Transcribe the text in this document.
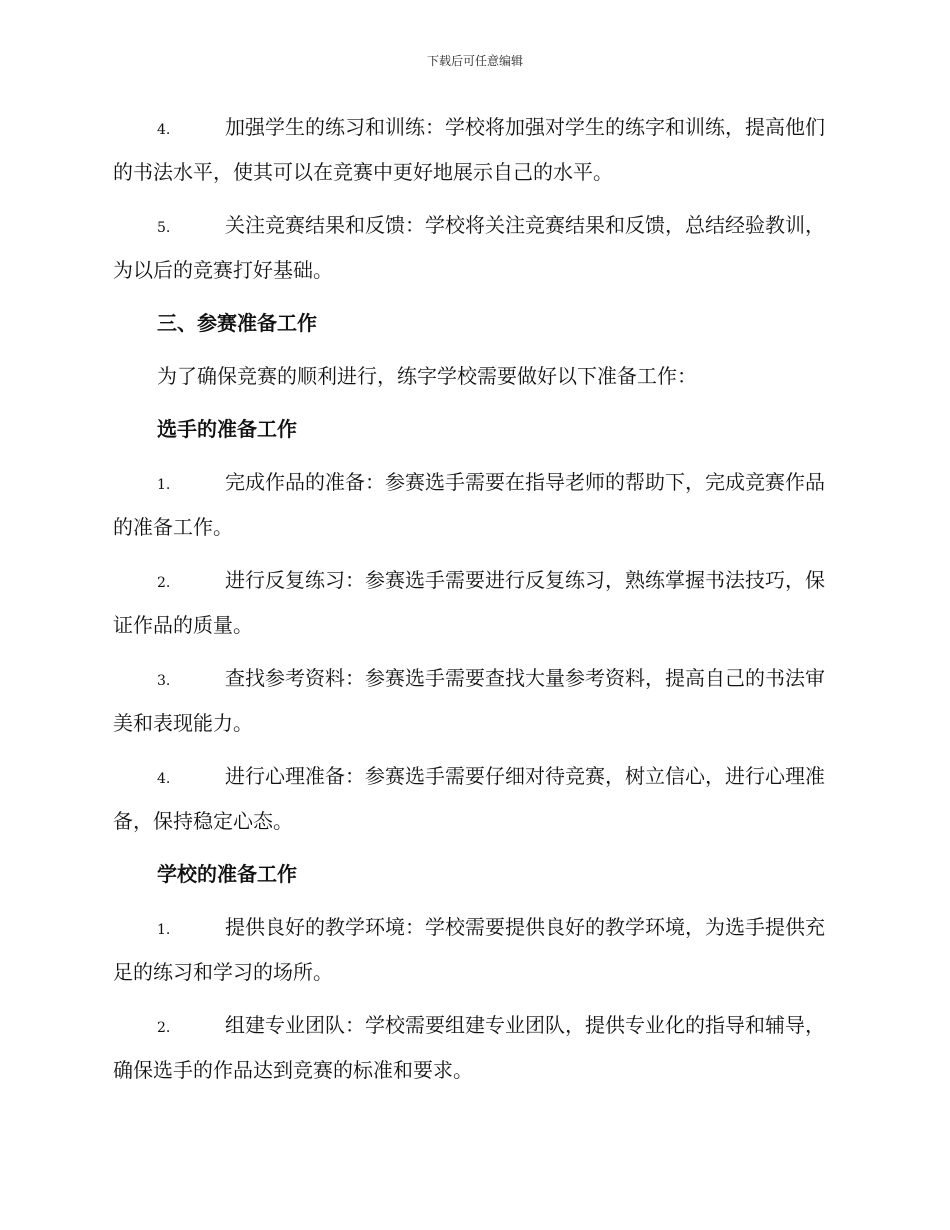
下载后可任意编辑

4.	加强学生的练习和训练：学校将加强对学生的练字和训练，提高他们的书法水平，使其可以在竞赛中更好地展示自己的水平。

5.	关注竞赛结果和反馈：学校将关注竞赛结果和反馈，总结经验教训，为以后的竞赛打好基础。

三、参赛准备工作

为了确保竞赛的顺利进行，练字学校需要做好以下准备工作：

选手的准备工作

1.	完成作品的准备：参赛选手需要在指导老师的帮助下，完成竞赛作品的准备工作。

2.	进行反复练习：参赛选手需要进行反复练习，熟练掌握书法技巧，保证作品的质量。

3.	查找参考资料：参赛选手需要查找大量参考资料，提高自己的书法审美和表现能力。

4.	进行心理准备：参赛选手需要仔细对待竞赛，树立信心，进行心理准备，保持稳定心态。

学校的准备工作

1.	提供良好的教学环境：学校需要提供良好的教学环境，为选手提供充足的练习和学习的场所。

2.	组建专业团队：学校需要组建专业团队，提供专业化的指导和辅导，确保选手的作品达到竞赛的标准和要求。
